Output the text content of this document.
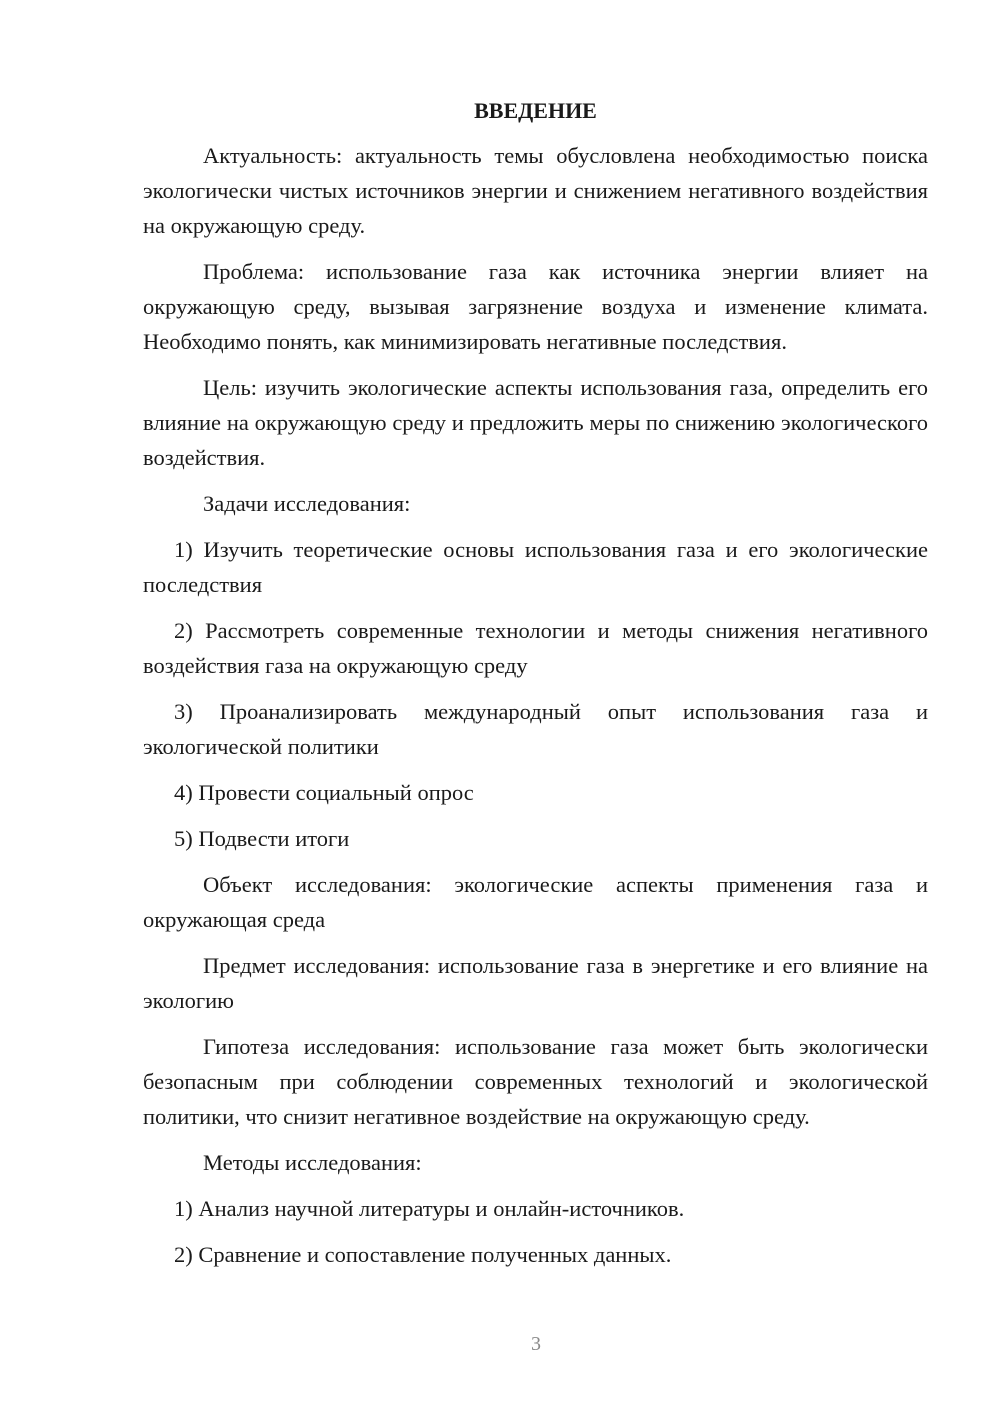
ВВЕДЕНИЕ

Актуальность: актуальность темы обусловлена необходимостью поиска экологически чистых источников энергии и снижением негативного воздействия на окружающую среду.

Проблема: использование газа как источника энергии влияет на окружающую среду, вызывая загрязнение воздуха и изменение климата. Необходимо понять, как минимизировать негативные последствия.

Цель: изучить экологические аспекты использования газа, определить его влияние на окружающую среду и предложить меры по снижению экологического воздействия.

Задачи исследования:

1) Изучить теоретические основы использования газа и его экологические последствия

2) Рассмотреть современные технологии и методы снижения негативного воздействия газа на окружающую среду

3) Проанализировать международный опыт использования газа и экологической политики

4) Провести социальный опрос

5) Подвести итоги

Объект исследования: экологические аспекты применения газа и окружающая среда

Предмет исследования: использование газа в энергетике и его влияние на экологию

Гипотеза исследования: использование газа может быть экологически безопасным при соблюдении современных технологий и экологической политики, что снизит негативное воздействие на окружающую среду.

Методы исследования:

1) Анализ научной литературы и онлайн-источников.

2) Сравнение и сопоставление полученных данных.

3
